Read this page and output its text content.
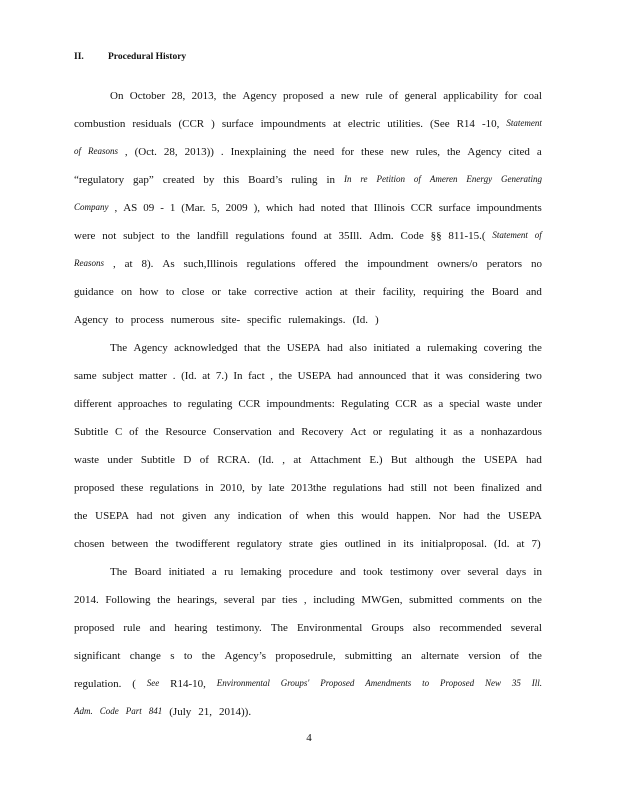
II.	Procedural History
On October 28, 2013, the Agency proposed a new rule of general applicability for coal
combustion residuals (CCR ) surface impoundments at electric utilities. (See R14 -10, Statement
of Reasons , (Oct. 28, 2013)) . Inexplaining the need for these new rules, the Agency cited a
“regulatory gap” created by this Board’s ruling in In re Petition of Ameren Energy Generating
Company , AS 09 - 1 (Mar. 5, 2009 ), which had noted that Illinois CCR surface impoundments
were not subject to the landfill regulations found at 35Ill. Adm. Code §§ 811-15.( Statement of
Reasons , at 8). As such,Illinois regulations offered the impoundment owners/o perators no
guidance on how to close or take corrective action at their facility, requiring the Board and
Agency to process numerous site- specific rulemakings. (Id. )
The Agency acknowledged that the USEPA had also initiated a rulemaking covering the
same subject matter . (Id. at 7.) In fact , the USEPA had announced that it was considering two
different approaches to regulating CCR impoundments: Regulating CCR as a special waste under
Subtitle C of the Resource Conservation and Recovery Act or regulating it as a nonhazardous
waste under Subtitle D of RCRA. (Id. , at Attachment E.) But although the USEPA had
proposed these regulations in 2010, by late 2013the regulations had still not been finalized and
the USEPA had not given any indication of when this would happen. Nor had the USEPA
chosen between the twodifferent regulatory strate gies outlined in its initialproposal. (Id. at 7)
The Board initiated a ru lemaking procedure and took testimony over several days in
2014. Following the hearings, several par ties , including MWGen, submitted comments on the
proposed rule and hearing testimony. The Environmental Groups also recommended several
significant change s to the Agency’s proposedrule, submitting an alternate version of the
regulation. ( See R14-10, Environmental Groups' Proposed Amendments to Proposed New 35 Ill.
Adm. Code Part 841 (July 21, 2014)).
4
